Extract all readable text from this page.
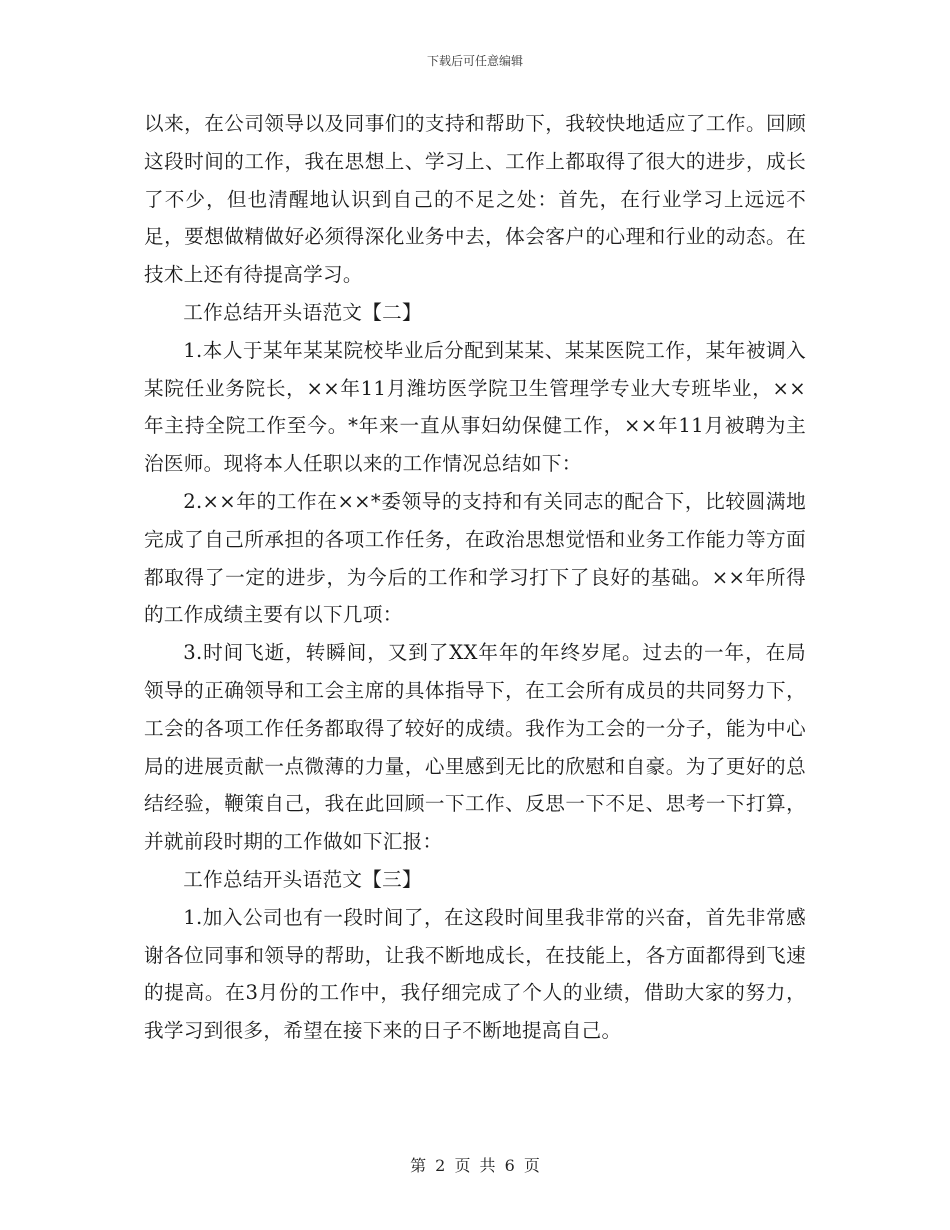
下载后可任意编辑

以来，在公司领导以及同事们的支持和帮助下，我较快地适应了工作。回顾这段时间的工作，我在思想上、学习上、工作上都取得了很大的进步，成长了不少，但也清醒地认识到自己的不足之处：首先，在行业学习上远远不足，要想做精做好必须得深化业务中去，体会客户的心理和行业的动态。在技术上还有待提高学习。

工作总结开头语范文【二】

1.本人于某年某某院校毕业后分配到某某、某某医院工作，某年被调入某院任业务院长，××年11月潍坊医学院卫生管理学专业大专班毕业，××年主持全院工作至今。*年来一直从事妇幼保健工作，××年11月被聘为主治医师。现将本人任职以来的工作情况总结如下：

2.××年的工作在××*委领导的支持和有关同志的配合下，比较圆满地完成了自己所承担的各项工作任务，在政治思想觉悟和业务工作能力等方面都取得了一定的进步，为今后的工作和学习打下了良好的基础。××年所得的工作成绩主要有以下几项：

3.时间飞逝，转瞬间，又到了XX年年的年终岁尾。过去的一年，在局领导的正确领导和工会主席的具体指导下，在工会所有成员的共同努力下，工会的各项工作任务都取得了较好的成绩。我作为工会的一分子，能为中心局的进展贡献一点微薄的力量，心里感到无比的欣慰和自豪。为了更好的总结经验，鞭策自己，我在此回顾一下工作、反思一下不足、思考一下打算，并就前段时期的工作做如下汇报：

工作总结开头语范文【三】

1.加入公司也有一段时间了，在这段时间里我非常的兴奋，首先非常感谢各位同事和领导的帮助，让我不断地成长，在技能上，各方面都得到飞速的提高。在3月份的工作中，我仔细完成了个人的业绩，借助大家的努力，我学习到很多，希望在接下来的日子不断地提高自己。

第 2 页 共 6 页
